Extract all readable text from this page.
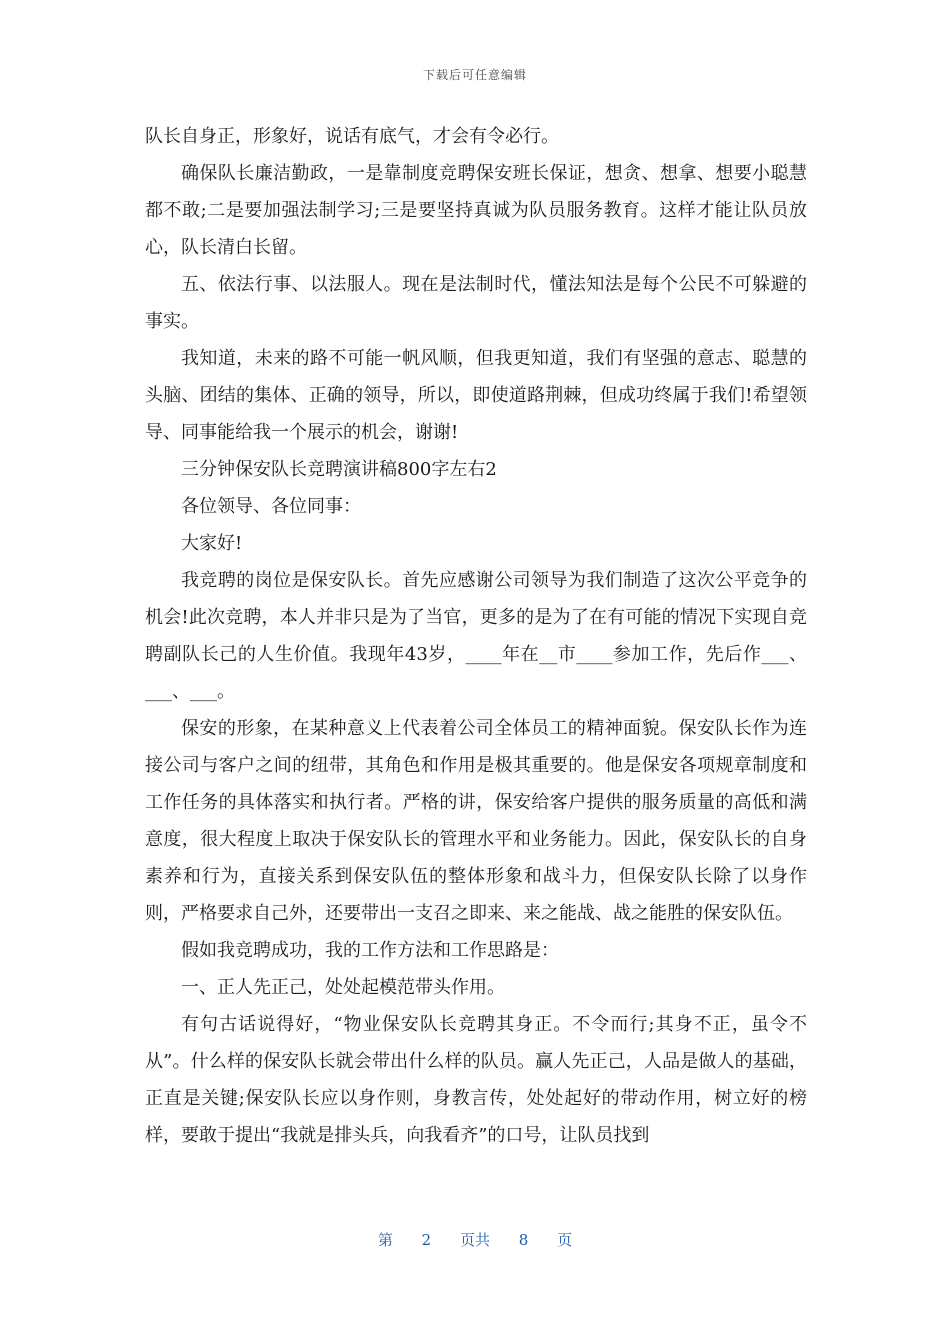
下载后可任意编辑

队长自身正，形象好，说话有底气，才会有令必行。

确保队长廉洁勤政，一是靠制度竞聘保安班长保证，想贪、想拿、想要小聪慧都不敢;二是要加强法制学习;三是要坚持真诚为队员服务教育。这样才能让队员放心，队长清白长留。

五、依法行事、以法服人。现在是法制时代，懂法知法是每个公民不可躲避的事实。

我知道，未来的路不可能一帆风顺，但我更知道，我们有坚强的意志、聪慧的头脑、团结的集体、正确的领导，所以，即使道路荆棘，但成功终属于我们!希望领导、同事能给我一个展示的机会，谢谢!

三分钟保安队长竞聘演讲稿800字左右2

各位领导、各位同事：

大家好!

我竞聘的岗位是保安队长。首先应感谢公司领导为我们制造了这次公平竞争的机会!此次竞聘，本人并非只是为了当官，更多的是为了在有可能的情况下实现自竞聘副队长己的人生价值。我现年43岁，____年在__市____参加工作，先后作___、___、___。

保安的形象，在某种意义上代表着公司全体员工的精神面貌。保安队长作为连接公司与客户之间的纽带，其角色和作用是极其重要的。他是保安各项规章制度和工作任务的具体落实和执行者。严格的讲，保安给客户提供的服务质量的高低和满意度，很大程度上取决于保安队长的管理水平和业务能力。因此，保安队长的自身素养和行为，直接关系到保安队伍的整体形象和战斗力，但保安队长除了以身作则，严格要求自己外，还要带出一支召之即来、来之能战、战之能胜的保安队伍。

假如我竞聘成功，我的工作方法和工作思路是：

一、正人先正己，处处起模范带头作用。

有句古话说得好，“物业保安队长竞聘其身正。不令而行;其身不正，虽令不从”。什么样的保安队长就会带出什么样的队员。赢人先正己，人品是做人的基础，正直是关键;保安队长应以身作则，身教言传，处处起好的带动作用，树立好的榜样，要敢于提出“我就是排头兵，向我看齐”的口号，让队员找到

第 2 页共 8 页
